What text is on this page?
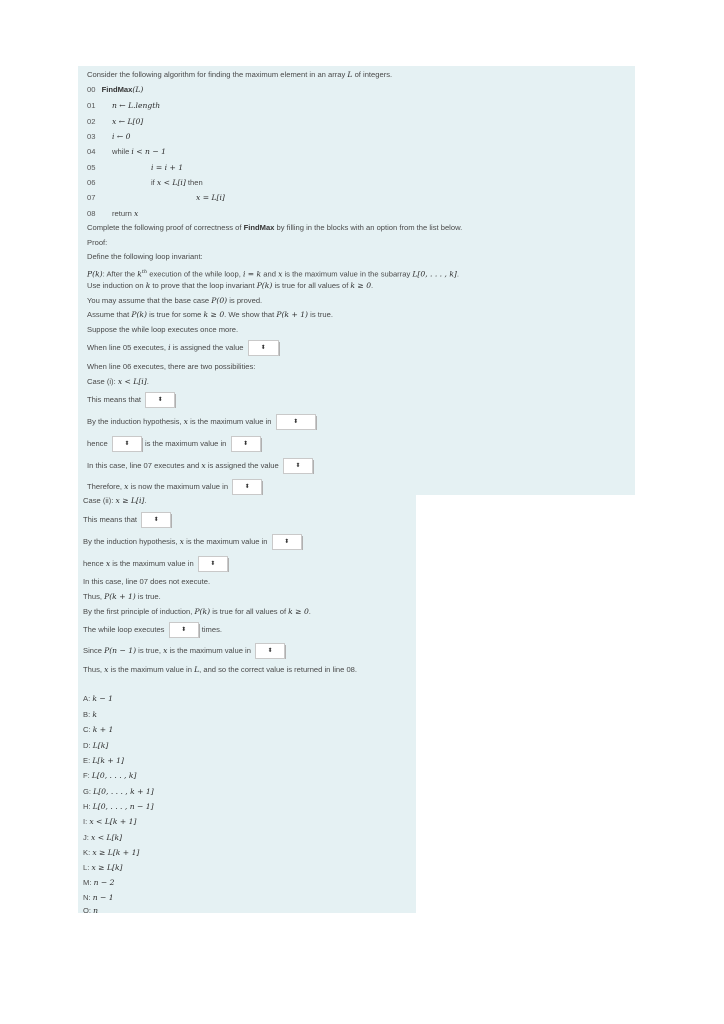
Consider the following algorithm for finding the maximum element in an array L of integers.
00 FindMax(L)
01 n ← L.length
02 x ← L[0]
03 i ← 0
04 while i < n − 1
05	i = i + 1
06	if x < L[i] then
07	x = L[i]
08 return x
Complete the following proof of correctness of FindMax by filling in the blocks with an option from the list below.
Proof:
Define the following loop invariant:
P(k): After the $k^{th}$ execution of the while loop, i = k and x is the maximum value in the subarray L[0, . . . , k].
Use induction on k to prove that the loop invariant P(k) is true for all values of k ≥ 0.
You may assume that the base case P(0) is proved.
Assume that P(k) is true for some k ≥ 0. We show that P(k + 1) is true.
Suppose the while loop executes once more.
When line 05 executes, i is assigned the value	⬍
When line 06 executes, there are two possibilities:
Case (i): x < L[i].
This means that	⬍
By the induction hypothesis, x is the maximum value in	⬍
hence	⬍ is the maximum value in	⬍
In this case, line 07 executes and x is assigned the value	⬍
Therefore, x is now the maximum value in	⬍
Case (ii): x ≥ L[i].
This means that	⬍
By the induction hypothesis, x is the maximum value in	⬍
hence x is the maximum value in	⬍
In this case, line 07 does not execute.
Thus, P(k + 1) is true.
By the first principle of induction, P(k) is true for all values of k ≥ 0.
The while loop executes	⬍ times.
Since P(n − 1) is true, x is the maximum value in	⬍
Thus, x is the maximum value in L, and so the correct value is returned in line 08.
A: k − 1
B: k
C: k + 1
D: L[k]
E: L[k + 1]
F: L[0, . . . , k]
G: L[0, . . . , k + 1]
H: L[0, . . . , n − 1]
I: x < L[k + 1]
J: x < L[k]
K: x ≥ L[k + 1]
L: x ≥ L[k]
M: n − 2
N: n − 1
O: n
